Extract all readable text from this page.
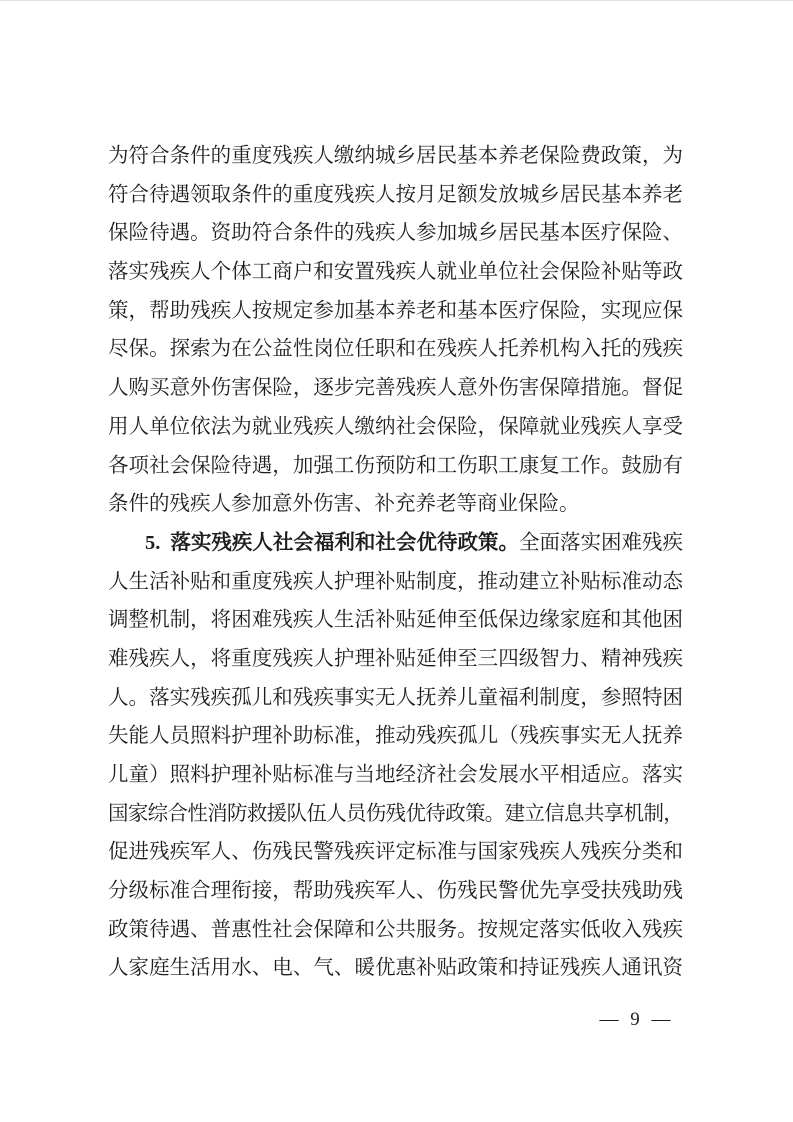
为符合条件的重度残疾人缴纳城乡居民基本养老保险费政策，为
符合待遇领取条件的重度残疾人按月足额发放城乡居民基本养老
保险待遇。资助符合条件的残疾人参加城乡居民基本医疗保险、
落实残疾人个体工商户和安置残疾人就业单位社会保险补贴等政
策，帮助残疾人按规定参加基本养老和基本医疗保险，实现应保
尽保。探索为在公益性岗位任职和在残疾人托养机构入托的残疾
人购买意外伤害保险，逐步完善残疾人意外伤害保障措施。督促
用人单位依法为就业残疾人缴纳社会保险，保障就业残疾人享受
各项社会保险待遇，加强工伤预防和工伤职工康复工作。鼓励有
条件的残疾人参加意外伤害、补充养老等商业保险。
5. 落实残疾人社会福利和社会优待政策。全面落实困难残疾
人生活补贴和重度残疾人护理补贴制度，推动建立补贴标准动态
调整机制，将困难残疾人生活补贴延伸至低保边缘家庭和其他困
难残疾人，将重度残疾人护理补贴延伸至三四级智力、精神残疾
人。落实残疾孤儿和残疾事实无人抚养儿童福利制度，参照特困
失能人员照料护理补助标准，推动残疾孤儿（残疾事实无人抚养
儿童）照料护理补贴标准与当地经济社会发展水平相适应。落实
国家综合性消防救援队伍人员伤残优待政策。建立信息共享机制，
促进残疾军人、伤残民警残疾评定标准与国家残疾人残疾分类和
分级标准合理衔接，帮助残疾军人、伤残民警优先享受扶残助残
政策待遇、普惠性社会保障和公共服务。按规定落实低收入残疾
人家庭生活用水、电、气、暖优惠补贴政策和持证残疾人通讯资
— 9 —
